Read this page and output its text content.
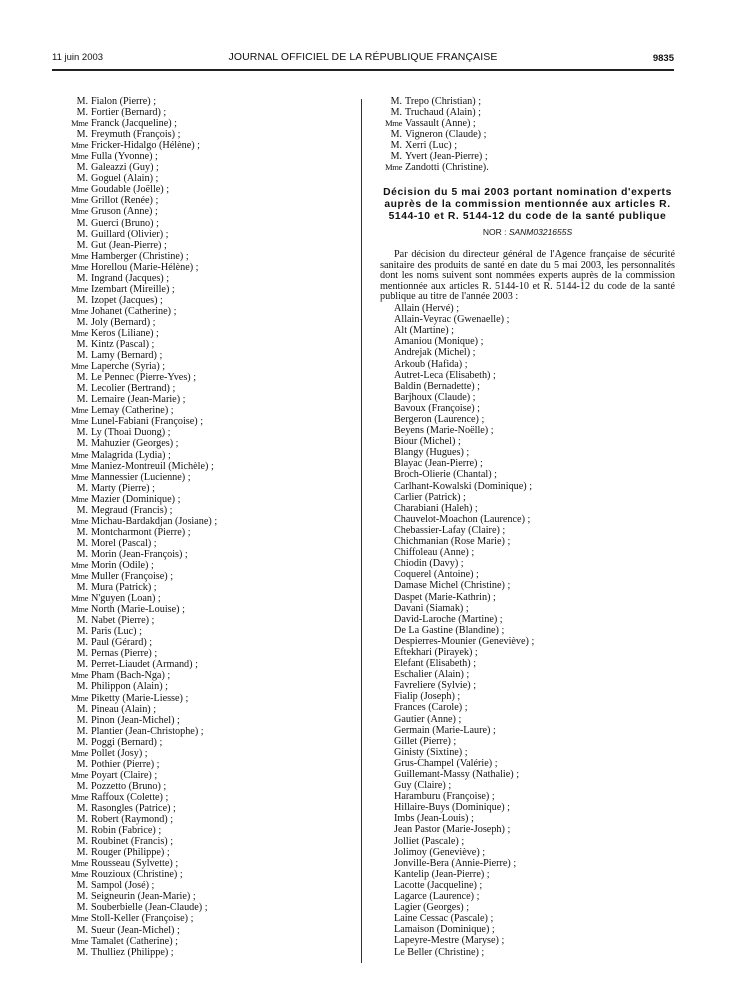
11 juin 2003	JOURNAL OFFICIEL DE LA RÉPUBLIQUE FRANÇAISE	9835
M. Fialon (Pierre) ;
M. Fortier (Bernard) ;
Mme Franck (Jacqueline) ;
M. Freymuth (François) ;
Mme Fricker-Hidalgo (Hélène) ;
Mme Fulla (Yvonne) ;
M. Galeazzi (Guy) ;
M. Goguel (Alain) ;
Mme Goudable (Joëlle) ;
Mme Grillot (Renée) ;
Mme Gruson (Anne) ;
M. Guerci (Bruno) ;
M. Guillard (Olivier) ;
M. Gut (Jean-Pierre) ;
Mme Hamberger (Christine) ;
Mme Horellou (Marie-Hélène) ;
M. Ingrand (Jacques) ;
Mme Izembart (Mireille) ;
M. Izopet (Jacques) ;
Mme Johanet (Catherine) ;
M. Joly (Bernard) ;
Mme Keros (Liliane) ;
M. Kintz (Pascal) ;
M. Lamy (Bernard) ;
Mme Laperche (Syria) ;
M. Le Pennec (Pierre-Yves) ;
M. Lecolier (Bertrand) ;
M. Lemaire (Jean-Marie) ;
Mme Lemay (Catherine) ;
Mme Lunel-Fabiani (Françoise) ;
M. Ly (Thoai Duong) ;
M. Mahuzier (Georges) ;
Mme Malagrida (Lydia) ;
Mme Maniez-Montreuil (Michèle) ;
Mme Mannessier (Lucienne) ;
M. Marty (Pierre) ;
Mme Mazier (Dominique) ;
M. Megraud (Francis) ;
Mme Michau-Bardakdjan (Josiane) ;
M. Montcharmont (Pierre) ;
M. Morel (Pascal) ;
M. Morin (Jean-François) ;
Mme Morin (Odile) ;
Mme Muller (Françoise) ;
M. Mura (Patrick) ;
Mme N'guyen (Loan) ;
Mme North (Marie-Louise) ;
M. Nabet (Pierre) ;
M. Paris (Luc) ;
M. Paul (Gérard) ;
M. Pernas (Pierre) ;
M. Perret-Liaudet (Armand) ;
Mme Pham (Bach-Nga) ;
M. Philippon (Alain) ;
Mme Piketty (Marie-Liesse) ;
M. Pineau (Alain) ;
M. Pinon (Jean-Michel) ;
M. Plantier (Jean-Christophe) ;
M. Poggi (Bernard) ;
Mme Pollet (Josy) ;
M. Pothier (Pierre) ;
Mme Poyart (Claire) ;
M. Pozzetto (Bruno) ;
Mme Raffoux (Colette) ;
M. Rasongles (Patrice) ;
M. Robert (Raymond) ;
M. Robin (Fabrice) ;
M. Roubinet (Francis) ;
M. Rouger (Philippe) ;
Mme Rousseau (Sylvette) ;
Mme Rouzioux (Christine) ;
M. Sampol (José) ;
M. Seigneurin (Jean-Marie) ;
M. Souberbielle (Jean-Claude) ;
Mme Stoll-Keller (Françoise) ;
M. Sueur (Jean-Michel) ;
Mme Tamalet (Catherine) ;
M. Thulliez (Philippe) ;
M. Trepo (Christian) ;
M. Truchaud (Alain) ;
Mme Vassault (Anne) ;
M. Vigneron (Claude) ;
M. Xerri (Luc) ;
M. Yvert (Jean-Pierre) ;
Mme Zandotti (Christine).
Décision du 5 mai 2003 portant nomination d'experts auprès de la commission mentionnée aux articles R. 5144-10 et R. 5144-12 du code de la santé publique
NOR : SANM0321655S
Par décision du directeur général de l'Agence française de sécurité sanitaire des produits de santé en date du 5 mai 2003, les personnalités dont les noms suivent sont nommées experts auprès de la commission mentionnée aux articles R. 5144-10 et R. 5144-12 du code de la santé publique au titre de l'année 2003 :
Allain (Hervé) ;
Allain-Veyrac (Gwenaelle) ;
Alt (Martine) ;
Amaniou (Monique) ;
Andrejak (Michel) ;
Arkoub (Hafida) ;
Autret-Leca (Elisabeth) ;
Baldin (Bernadette) ;
Barjhoux (Claude) ;
Bavoux (Françoise) ;
Bergeron (Laurence) ;
Beyens (Marie-Noëlle) ;
Biour (Michel) ;
Blangy (Hugues) ;
Blayac (Jean-Pierre) ;
Broch-Olierie (Chantal) ;
Carlhant-Kowalski (Dominique) ;
Carlier (Patrick) ;
Charabiani (Haleh) ;
Chauvelot-Moachon (Laurence) ;
Chebassier-Lafay (Claire) ;
Chichmanian (Rose Marie) ;
Chiffoleau (Anne) ;
Chiodin (Davy) ;
Coquerel (Antoine) ;
Damase Michel (Christine) ;
Daspet (Marie-Kathrin) ;
Davani (Siamak) ;
David-Laroche (Martine) ;
De La Gastine (Blandine) ;
Despierres-Mounier (Geneviève) ;
Eftekhari (Pirayek) ;
Elefant (Elisabeth) ;
Eschalier (Alain) ;
Favreliere (Sylvie) ;
Fialip (Joseph) ;
Frances (Carole) ;
Gautier (Anne) ;
Germain (Marie-Laure) ;
Gillet (Pierre) ;
Ginisty (Sixtine) ;
Grus-Champel (Valérie) ;
Guillemant-Massy (Nathalie) ;
Guy (Claire) ;
Haramburu (Françoise) ;
Hillaire-Buys (Dominique) ;
Imbs (Jean-Louis) ;
Jean Pastor (Marie-Joseph) ;
Jolliet (Pascale) ;
Jolimoy (Geneviève) ;
Jonville-Bera (Annie-Pierre) ;
Kantelip (Jean-Pierre) ;
Lacotte (Jacqueline) ;
Lagarce (Laurence) ;
Lagier (Georges) ;
Laine Cessac (Pascale) ;
Lamaison (Dominique) ;
Lapeyre-Mestre (Maryse) ;
Le Beller (Christine) ;
